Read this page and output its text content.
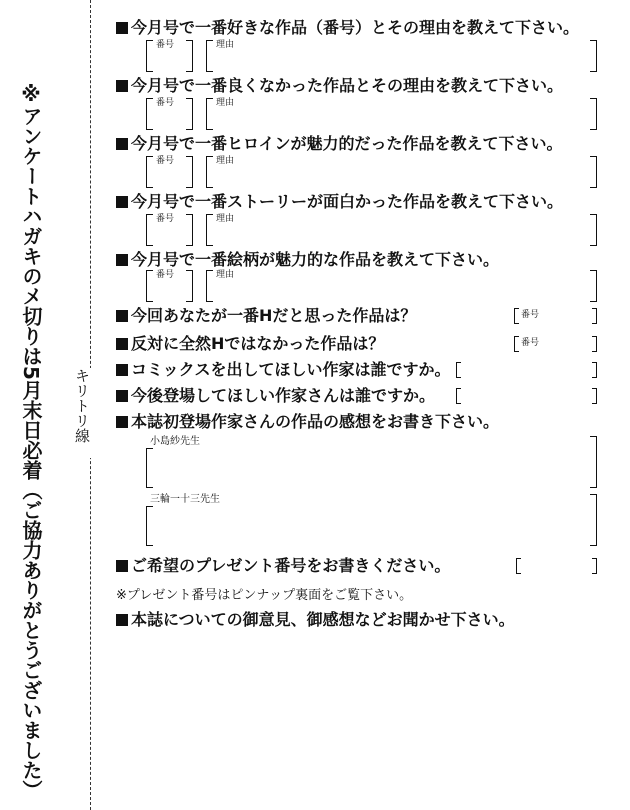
※アンケートハガキのメ切りは5月末日必着（ご協力ありがとうございました）	キリトリ線
今月号で一番好きな作品（番号）とその理由を教えて下さい。
番号	理由
今月号で一番良くなかった作品とその理由を教えて下さい。
番号	理由
今月号で一番ヒロインが魅力的だった作品を教えて下さい。
番号	理由
今月号で一番ストーリーが面白かった作品を教えて下さい。
番号	理由
今月号で一番絵柄が魅力的な作品を教えて下さい。
番号	理由
今回あなたが一番Hだと思った作品は？	番号
反対に全然Hではなかった作品は？	番号
コミックスを出してほしい作家は誰ですか。
今後登場してほしい作家さんは誰ですか。
本誌初登場作家さんの作品の感想をお書き下さい。
小島紗先生
三輪一十三先生
ご希望のプレゼント番号をお書きください。
※プレゼント番号はピンナップ裏面をご覧下さい。
本誌についての御意見、御感想などお聞かせ下さい。
